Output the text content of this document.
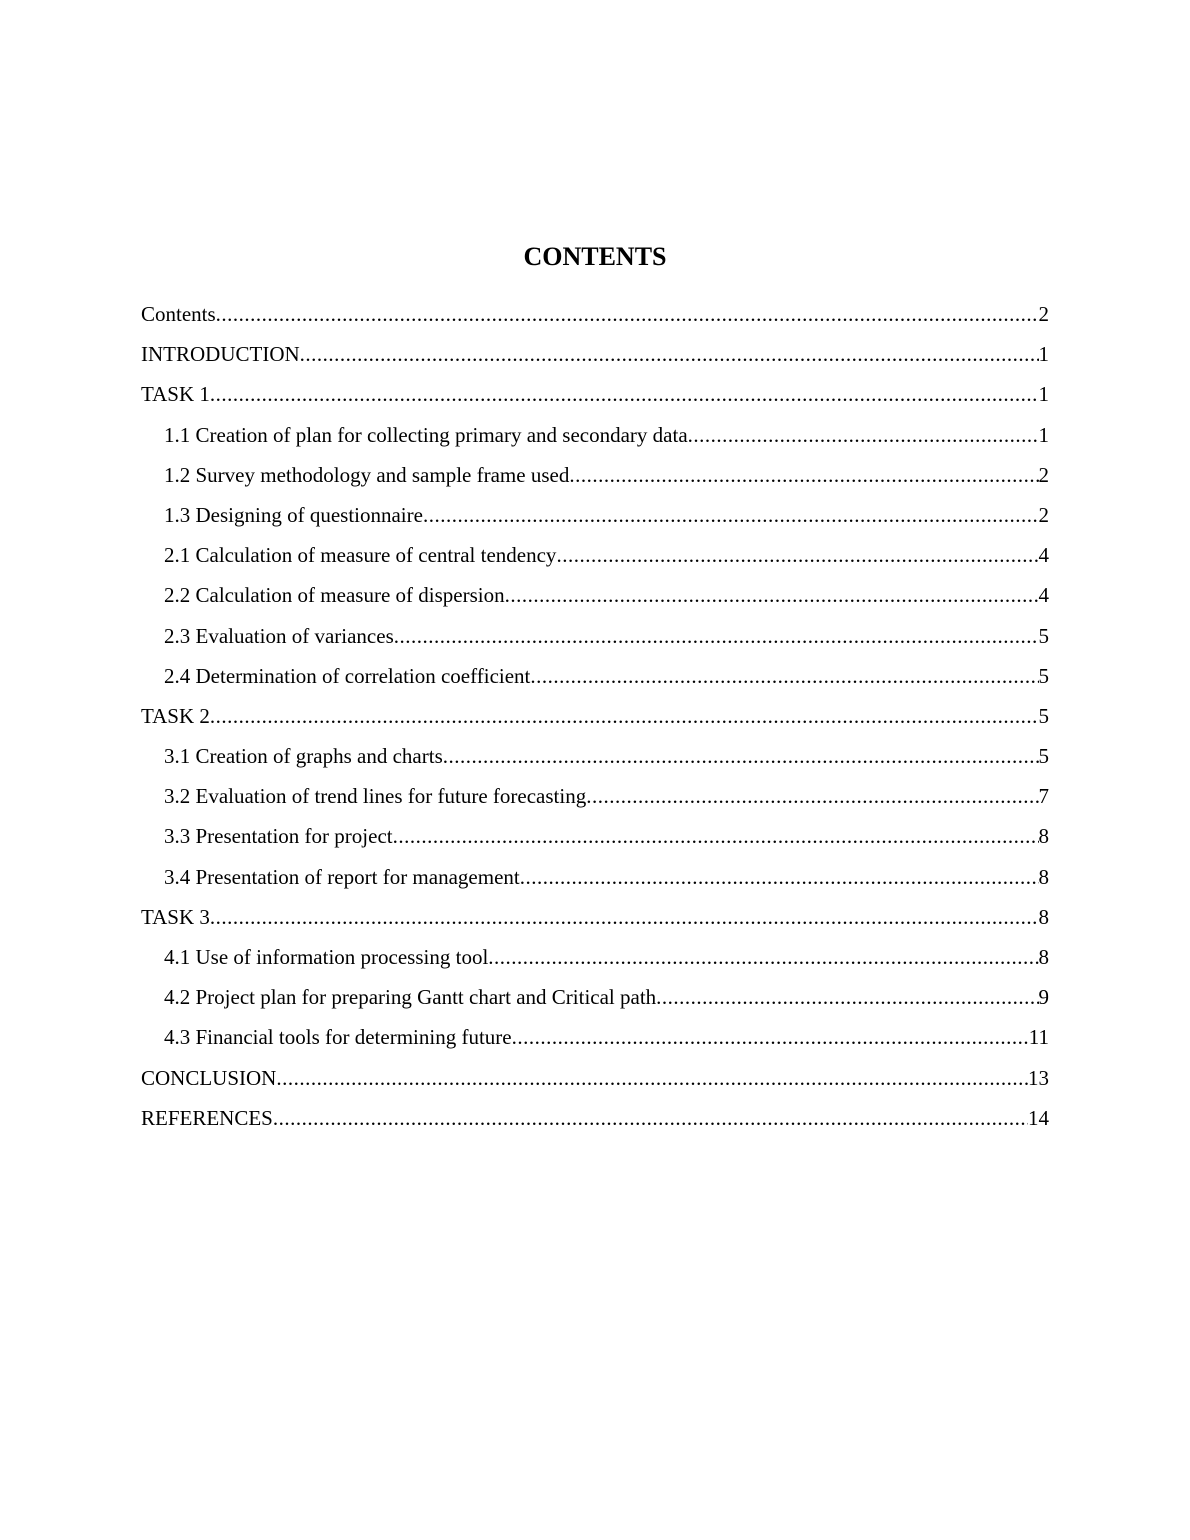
CONTENTS
Contents .....	2
INTRODUCTION .....	1
TASK 1 .....	1
1.1 Creation of plan for collecting primary and secondary data .....	1
1.2 Survey methodology and sample frame used .....	2
1.3 Designing of questionnaire .....	2
2.1 Calculation of measure of central tendency .....	4
2.2 Calculation of measure of dispersion .....	4
2.3 Evaluation of variances .....	5
2.4 Determination of correlation coefficient .....	5
TASK 2 .....	5
3.1 Creation of graphs and charts .....	5
3.2 Evaluation of trend lines for future forecasting .....	7
3.3 Presentation for project .....	8
3.4 Presentation of report for management .....	8
TASK 3 .....	8
4.1 Use of information processing tool .....	8
4.2 Project plan for preparing Gantt chart and Critical path .....	9
4.3 Financial tools for determining future .....	11
CONCLUSION .....	13
REFERENCES .....	14
